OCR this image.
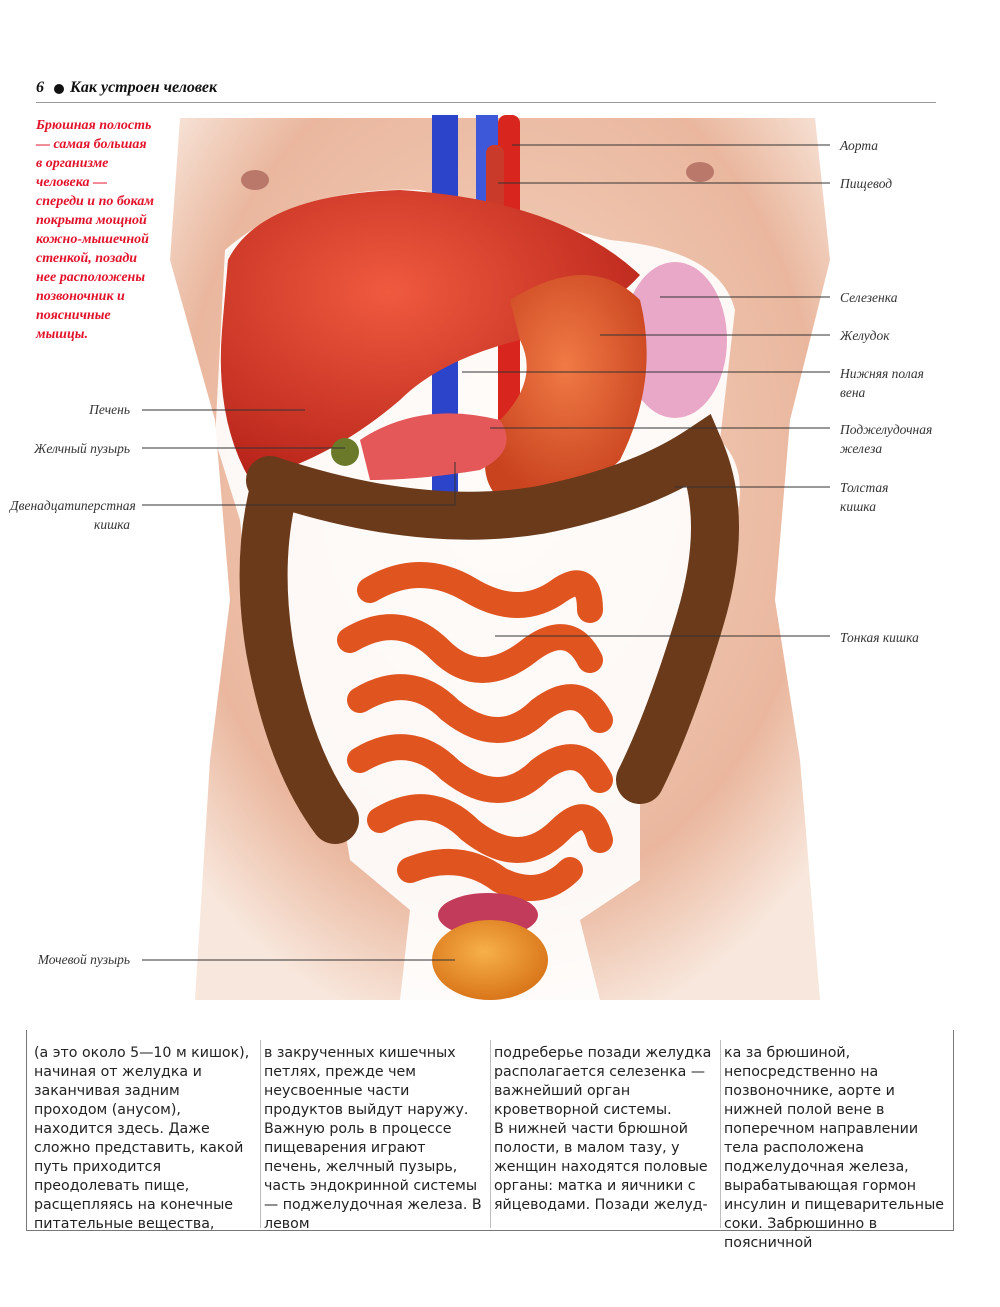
6 Как устроен человек
Брюшная полость — самая большая в организме человека — спереди и по бокам покрыта мощной кожно-мышечной стенкой, позади нее расположены позвоночник и поясничные мышцы.
Аорта
Пищевод
Селезенка
Желудок
Нижняя полая вена
Поджелудочная железа
Толстая кишка
Тонкая кишка
Печень
Желчный пузырь
Двенадцатиперстная кишка
Мочевой пузырь

(а это около 5—10 м кишок), начиная от желудка и заканчивая задним проходом (анусом), находится здесь. Даже сложно представить, какой путь приходится преодолевать пище, расщепляясь на конечные питательные вещества,

в закрученных кишечных петлях, прежде чем неусвоенные части продуктов выйдут наружу. Важную роль в процессе пищеварения играют печень, желчный пузырь, часть эндокринной системы — поджелудочная железа. В левом

подреберье позади желудка располагается селезенка — важнейший орган кроветворной системы.
В нижней части брюшной полости, в малом тазу, у женщин находятся половые органы: матка и яичники с яйцеводами. Позади желуд-

ка за брюшиной, непосредственно на позвоночнике, аорте и нижней полой вене в поперечном направлении тела расположена поджелудочная железа, вырабатывающая гормон инсулин и пищеварительные соки. Забрюшинно в поясничной
